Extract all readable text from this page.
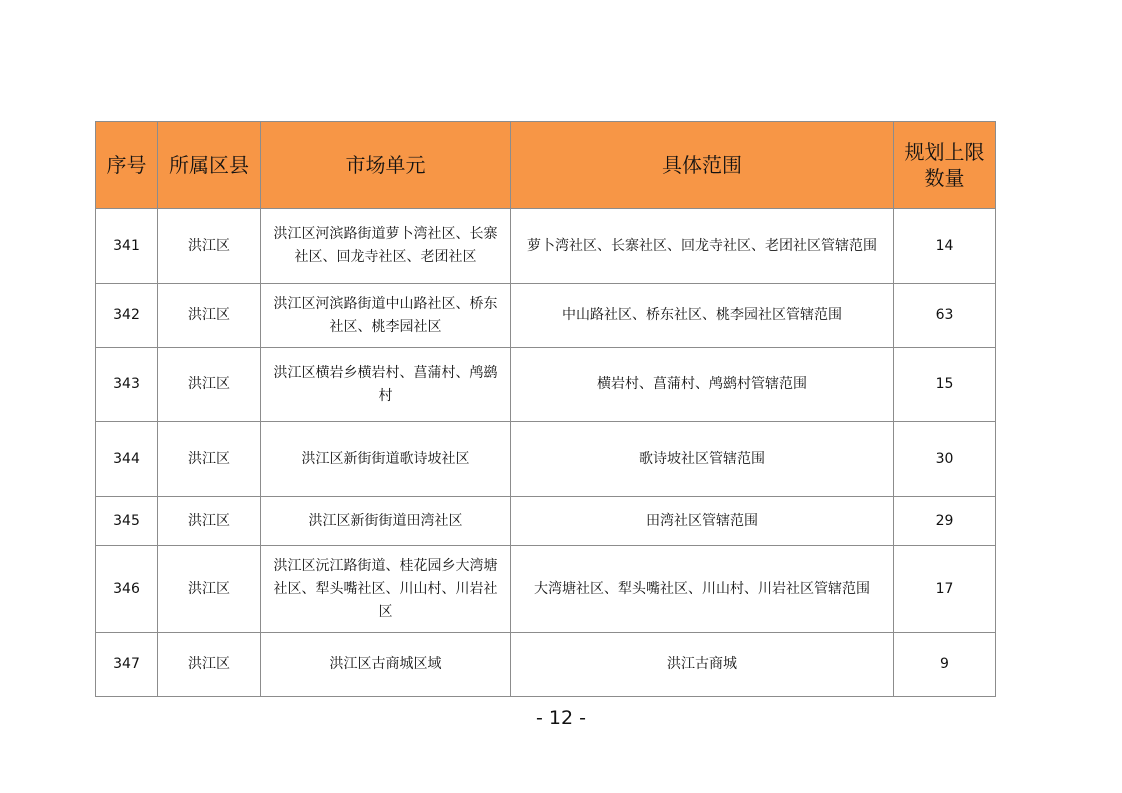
序号	所属区县	市场单元	具体范围	规划上限数量
341	洪江区	洪江区河滨路街道萝卜湾社区、长寨社区、回龙寺社区、老团社区	萝卜湾社区、长寨社区、回龙寺社区、老团社区管辖范围	14
342	洪江区	洪江区河滨路街道中山路社区、桥东社区、桃李园社区	中山路社区、桥东社区、桃李园社区管辖范围	63
343	洪江区	洪江区横岩乡横岩村、菖蒲村、鸬鹚村	横岩村、菖蒲村、鸬鹚村管辖范围	15
344	洪江区	洪江区新街街道歌诗坡社区	歌诗坡社区管辖范围	30
345	洪江区	洪江区新街街道田湾社区	田湾社区管辖范围	29
346	洪江区	洪江区沅江路街道、桂花园乡大湾塘社区、犁头嘴社区、川山村、川岩社区	大湾塘社区、犁头嘴社区、川山村、川岩社区管辖范围	17
347	洪江区	洪江区古商城区域	洪江古商城	9
- 12 -
